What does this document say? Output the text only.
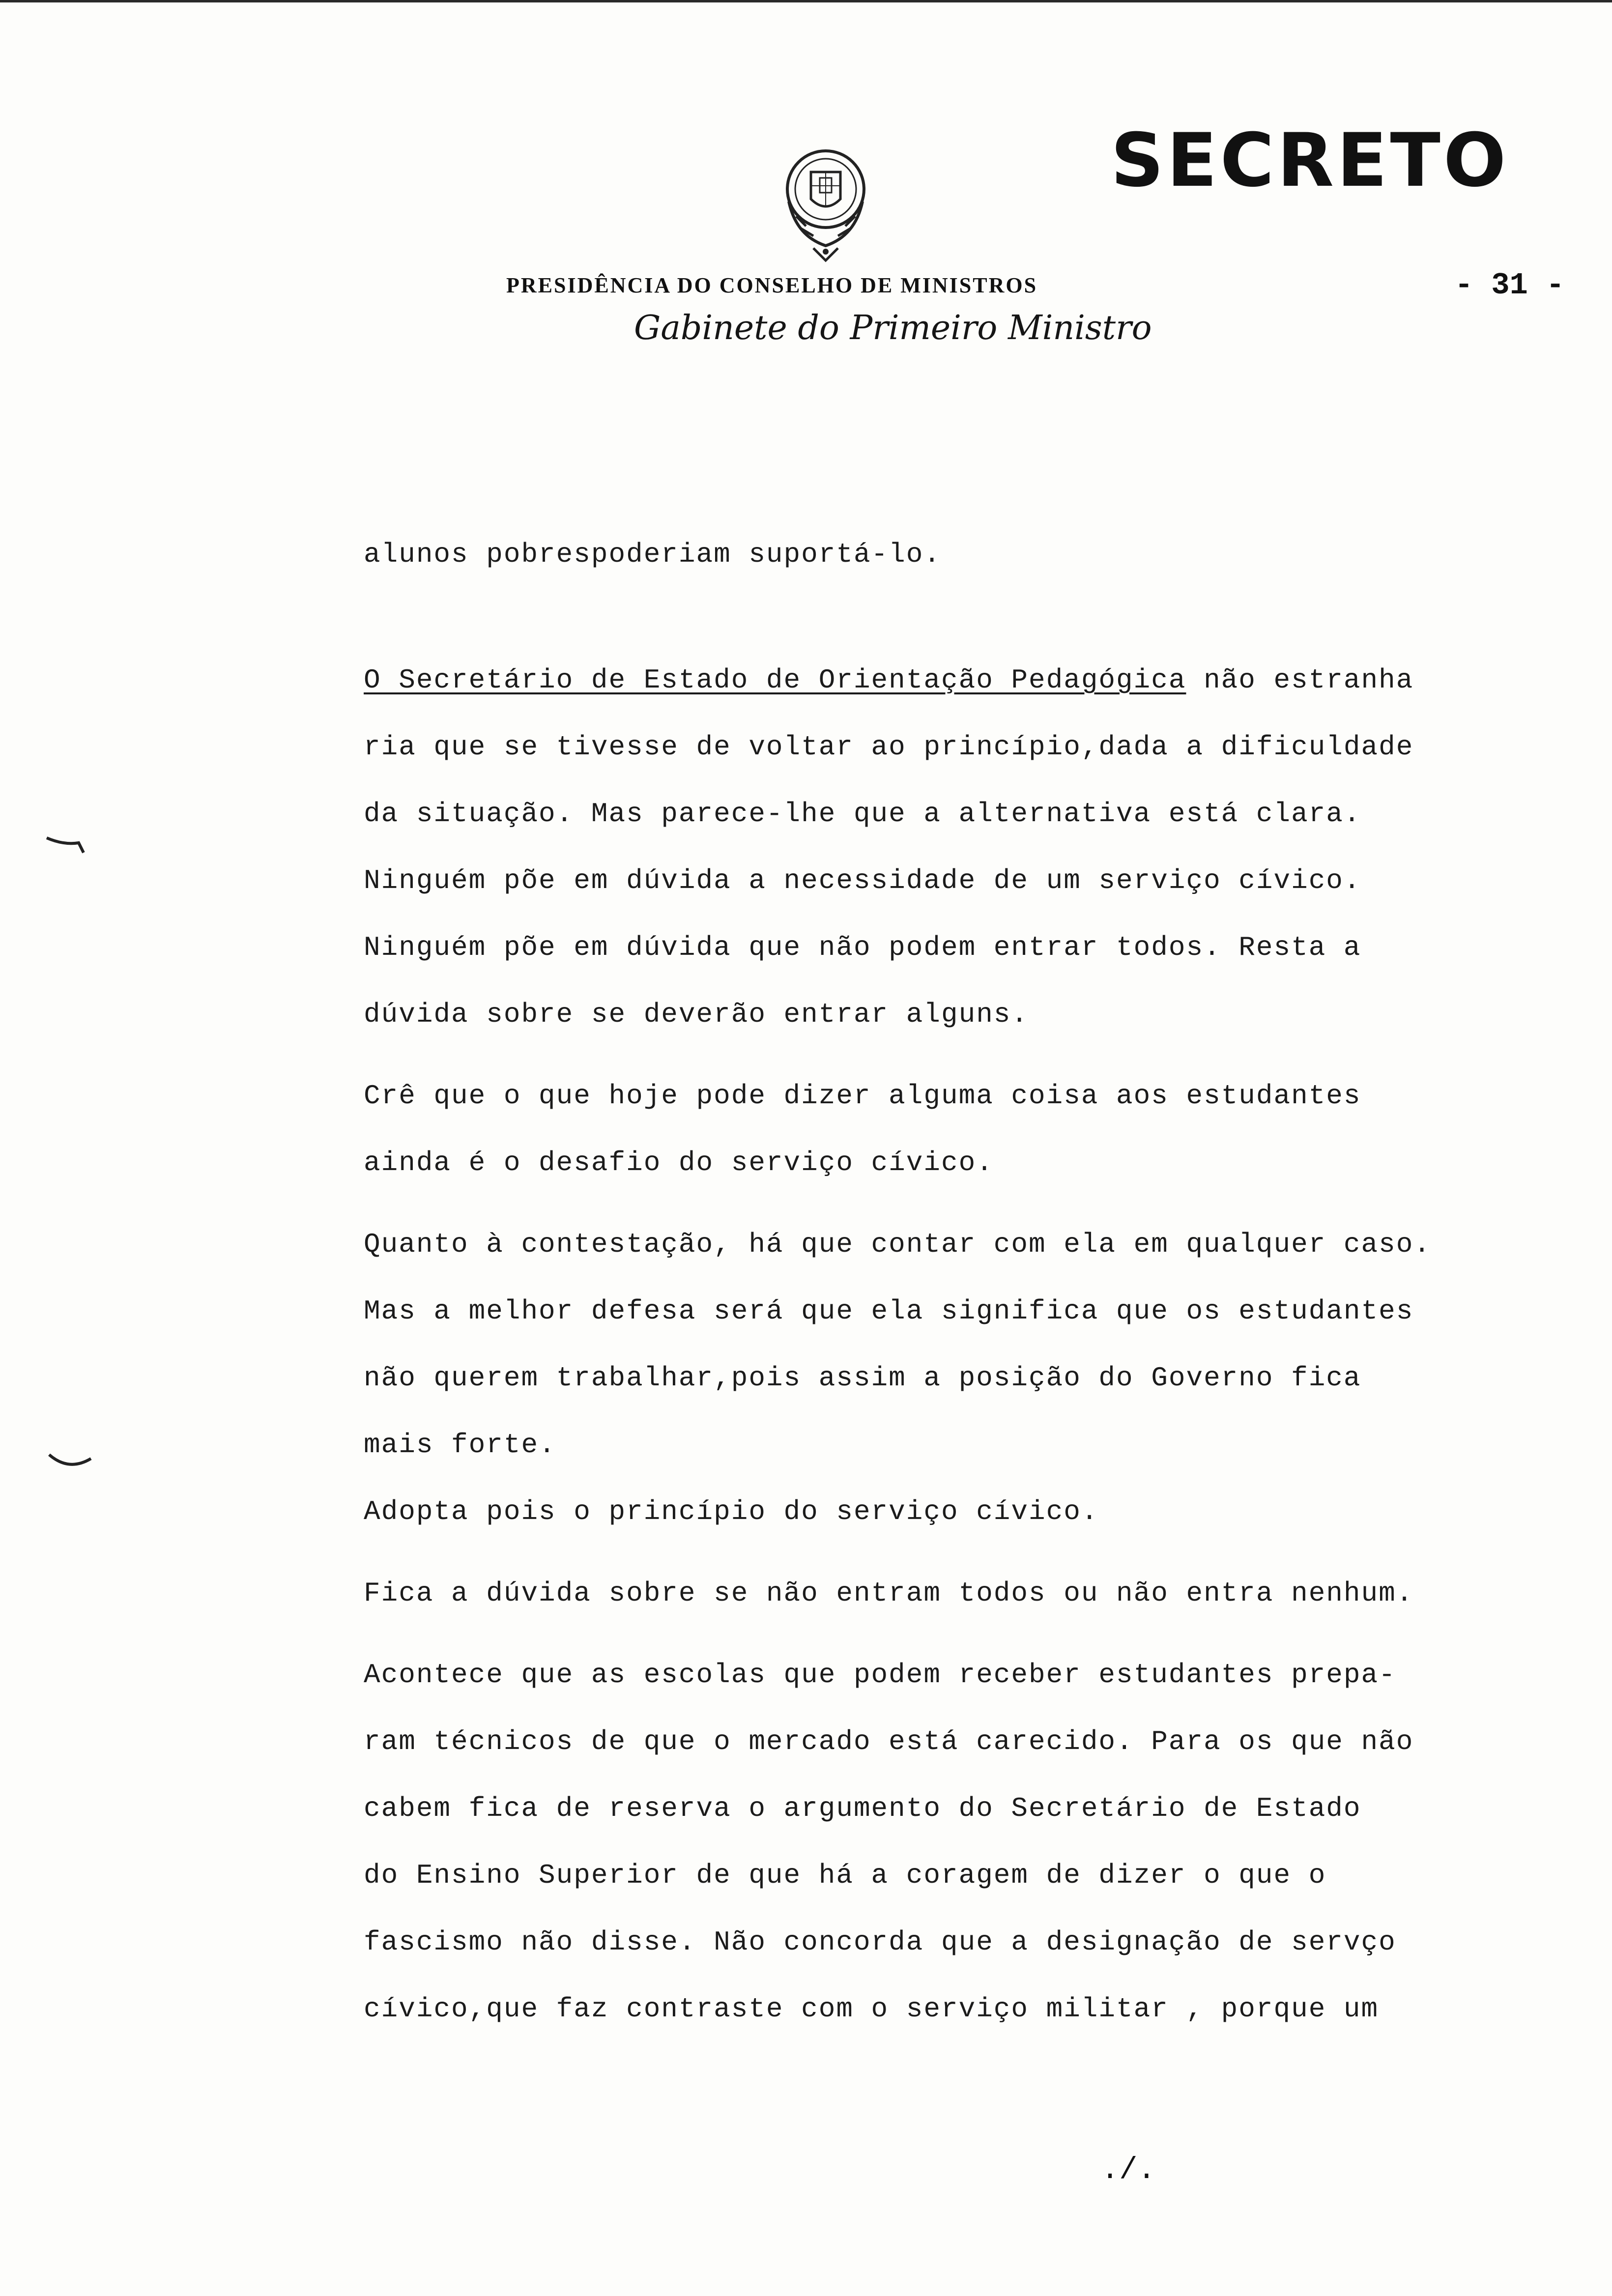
SECRETO
PRESIDÊNCIA DO CONSELHO DE MINISTROS
Gabinete do Primeiro Ministro
- 31 -

alunos pobrespoderiam suportá-lo.

O Secretário de Estado de Orientação Pedagógica não estranha

ria que se tivesse de voltar ao princípio,dada a dificuldade

da situação. Mas parece-lhe que a alternativa está clara.

Ninguém põe em dúvida a necessidade de um serviço cívico.

Ninguém põe em dúvida que não podem entrar todos. Resta a

dúvida sobre se deverão entrar alguns.

Crê que o que hoje pode dizer alguma coisa aos estudantes

ainda é o desafio do serviço cívico.

Quanto à contestação, há que contar com ela em qualquer caso.

Mas a melhor defesa será que ela significa que os estudantes

não querem trabalhar,pois assim a posição do Governo fica

mais forte.

Adopta pois o princípio do serviço cívico.

Fica a dúvida sobre se não entram todos ou não entra nenhum.

Acontece que as escolas que podem receber estudantes prepa-

ram técnicos de que o mercado está carecido. Para os que não

cabem fica de reserva o argumento do Secretário de Estado

do Ensino Superior de que há a coragem de dizer o que o

fascismo não disse. Não concorda que a designação de servço

cívico,que faz contraste com o serviço militar , porque um

./.
